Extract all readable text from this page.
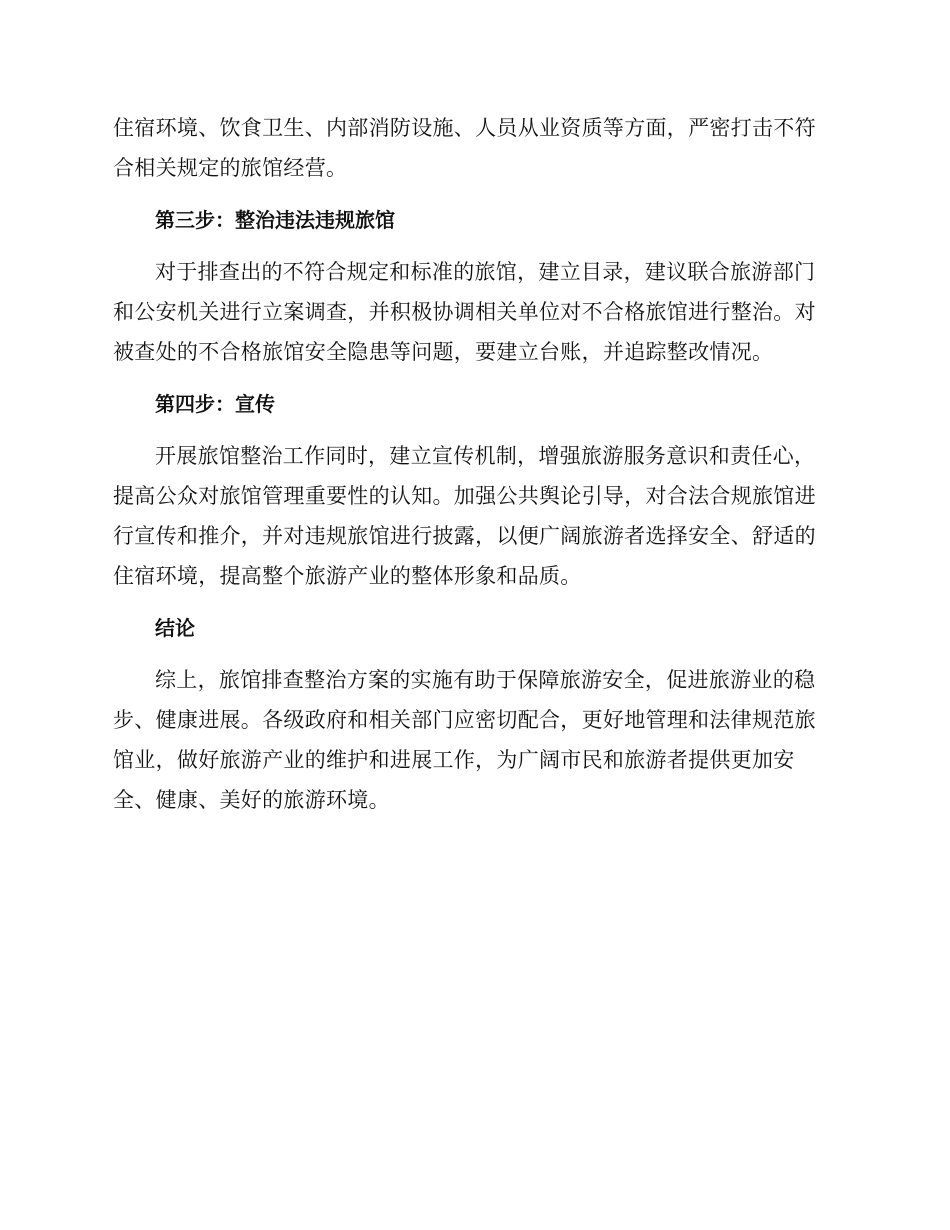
住宿环境、饮食卫生、内部消防设施、人员从业资质等方面，严密打击不符
合相关规定的旅馆经营。

第三步：整治违法违规旅馆

对于排查出的不符合规定和标准的旅馆，建立目录，建议联合旅游部门
和公安机关进行立案调查，并积极协调相关单位对不合格旅馆进行整治。对
被查处的不合格旅馆安全隐患等问题，要建立台账，并追踪整改情况。

第四步：宣传

开展旅馆整治工作同时，建立宣传机制，增强旅游服务意识和责任心，
提高公众对旅馆管理重要性的认知。加强公共舆论引导，对合法合规旅馆进
行宣传和推介，并对违规旅馆进行披露，以便广阔旅游者选择安全、舒适的
住宿环境，提高整个旅游产业的整体形象和品质。

结论

综上，旅馆排查整治方案的实施有助于保障旅游安全，促进旅游业的稳
步、健康进展。各级政府和相关部门应密切配合，更好地管理和法律规范旅
馆业，做好旅游产业的维护和进展工作，为广阔市民和旅游者提供更加安
全、健康、美好的旅游环境。
